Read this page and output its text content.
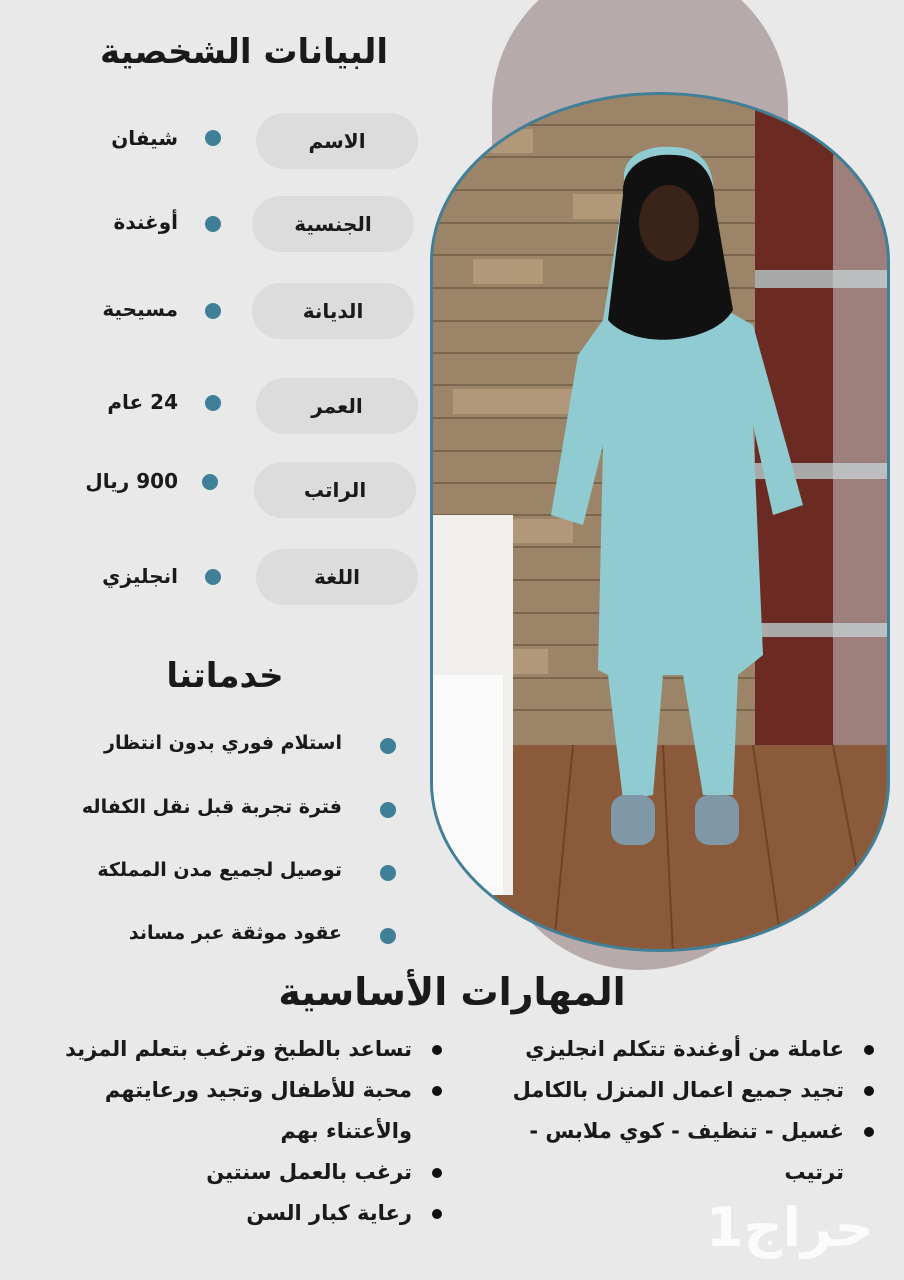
البيانات الشخصية
الاسم
شيفان
الجنسية
أوغندة
الديانة
مسيحية
العمر
24 عام
الراتب
900 ريال
اللغة
انجليزي
خدماتنا
استلام فوري بدون انتظار
فترة تجربة قبل نقل الكفاله
توصيل لجميع مدن المملكة
عقود موثقة عبر مساند
المهارات الأساسية
عاملة من أوغندة تتكلم انجليزي
تجيد جميع اعمال المنزل بالكامل
غسيل - تنظيف - كوي ملابس -
ترتيب
تساعد بالطبخ وترغب بتعلم المزيد
محبة للأطفال وتجيد ورعايتهم
والأعتناء بهم
ترغب بالعمل سنتين
رعاية كبار السن	حراج1
